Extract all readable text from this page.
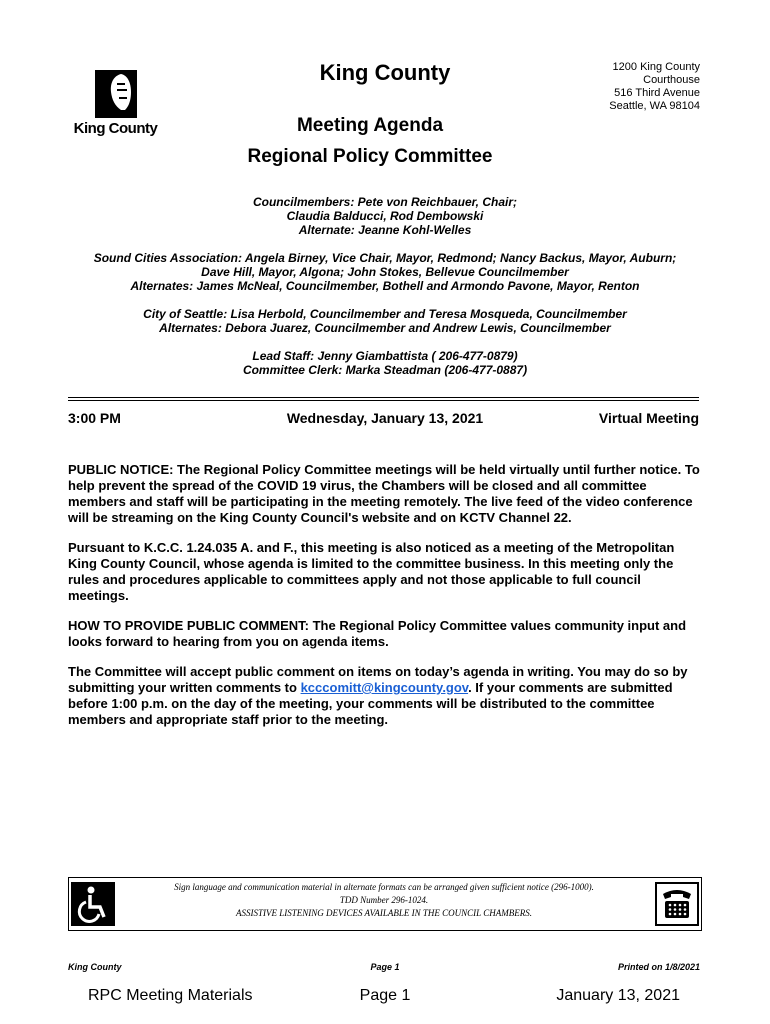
King County
King County	1200 King County
Courthouse
516 Third Avenue
Seattle, WA 98104
Meeting Agenda
Regional Policy Committee
Councilmembers: Pete von Reichbauer, Chair;
Claudia Balducci, Rod Dembowski
Alternate: Jeanne Kohl-Welles
Sound Cities Association: Angela Birney, Vice Chair, Mayor, Redmond; Nancy Backus, Mayor, Auburn;
Dave Hill, Mayor, Algona; John Stokes, Bellevue Councilmember
Alternates: James McNeal, Councilmember, Bothell and Armondo Pavone, Mayor, Renton
City of Seattle: Lisa Herbold, Councilmember and Teresa Mosqueda, Councilmember
Alternates: Debora Juarez, Councilmember and Andrew Lewis, Councilmember
Lead Staff: Jenny Giambattista ( 206-477-0879)
Committee Clerk: Marka Steadman (206-477-0887)
3:00 PM	Wednesday, January 13, 2021	Virtual Meeting

PUBLIC NOTICE: The Regional Policy Committee meetings will be held virtually until further notice. To help prevent the spread of the COVID 19 virus, the Chambers will be closed and all committee members and staff will be participating in the meeting remotely. The live feed of the video conference will be streaming on the King County Council's website and on KCTV Channel 22.

Pursuant to K.C.C. 1.24.035 A. and F., this meeting is also noticed as a meeting of the Metropolitan King County Council, whose agenda is limited to the committee business. In this meeting only the rules and procedures applicable to committees apply and not those applicable to full council meetings.

HOW TO PROVIDE PUBLIC COMMENT: The Regional Policy Committee values community input and looks forward to hearing from you on agenda items.

The Committee will accept public comment on items on today’s agenda in writing. You may do so by submitting your written comments to kcccomitt@kingcounty.gov. If your comments are submitted before 1:00 p.m. on the day of the meeting, your comments will be distributed to the committee members and appropriate staff prior to the meeting.

Sign language and communication material in alternate formats can be arranged given sufficient notice (296-1000).
TDD Number 296-1024.
ASSISTIVE LISTENING DEVICES AVAILABLE IN THE COUNCIL CHAMBERS.
King County	Page 1	Printed on 1/8/2021
RPC Meeting Materials	Page 1	January 13, 2021
